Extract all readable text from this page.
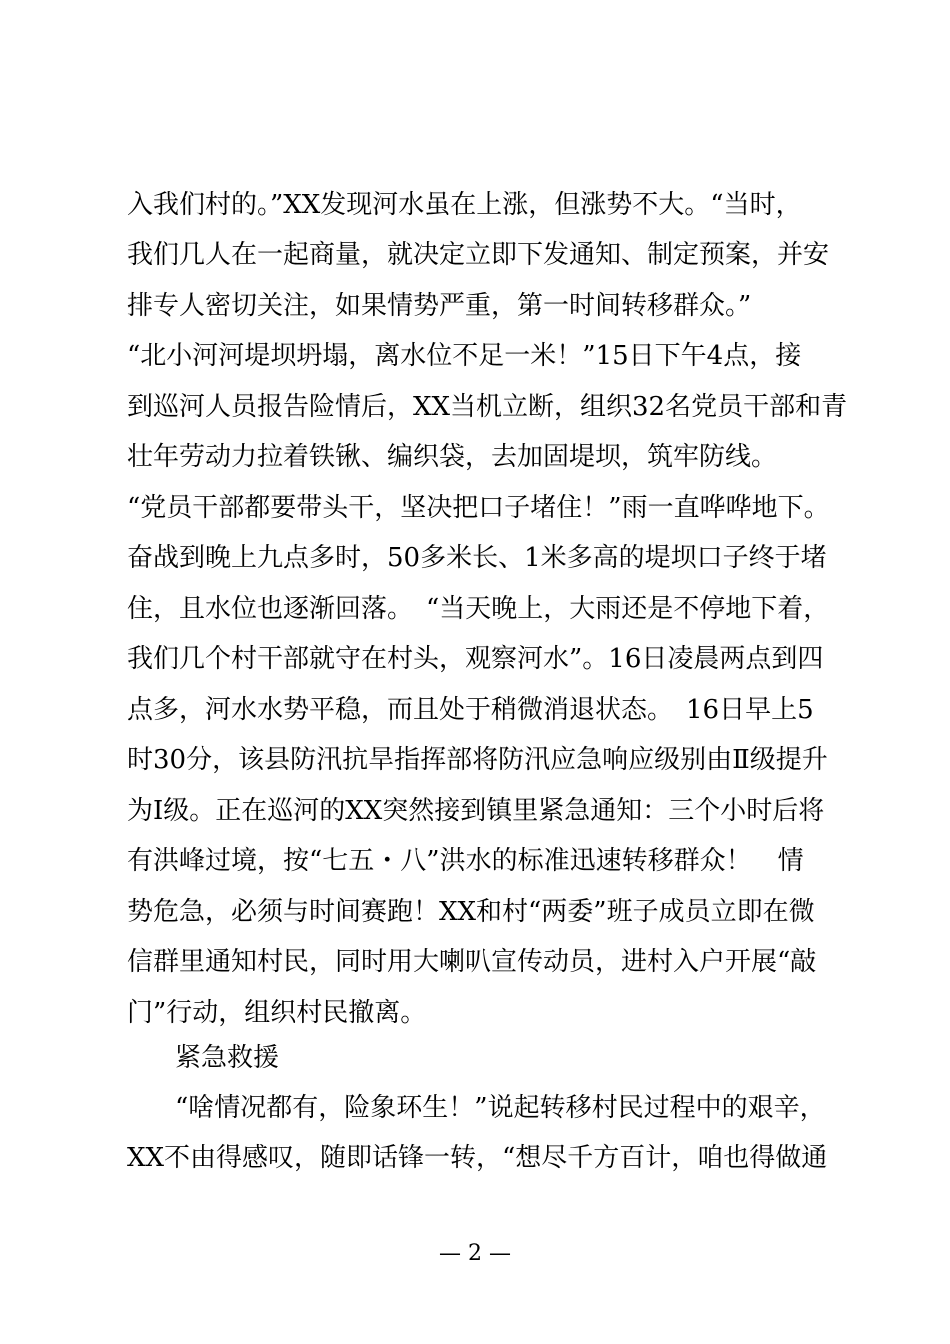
入我们村的。”XX发现河水虽在上涨，但涨势不大。“当时，
我们几人在一起商量，就决定立即下发通知、制定预案，并安
排专人密切关注，如果情势严重，第一时间转移群众。”
“北小河河堤坝坍塌，离水位不足一米！”15日下午4点，接
到巡河人员报告险情后，XX当机立断，组织32名党员干部和青
壮年劳动力拉着铁锹、编织袋，去加固堤坝，筑牢防线。
“党员干部都要带头干，坚决把口子堵住！”雨一直哗哗地下。
奋战到晚上九点多时，50多米长、1米多高的堤坝口子终于堵
住，且水位也逐渐回落。　“当天晚上，大雨还是不停地下着，
我们几个村干部就守在村头，观察河水”。16日凌晨两点到四
点多，河水水势平稳，而且处于稍微消退状态。　16日早上5
时30分，该县防汛抗旱指挥部将防汛应急响应级别由Ⅱ级提升
为Ⅰ级。正在巡河的XX突然接到镇里紧急通知：三个小时后将
有洪峰过境，按“七五・八”洪水的标准迅速转移群众！　情
势危急，必须与时间赛跑！XX和村“两委”班子成员立即在微
信群里通知村民，同时用大喇叭宣传动员，进村入户开展“敲
门”行动，组织村民撤离。
紧急救援
“啥情况都有，险象环生！”说起转移村民过程中的艰辛，
XX不由得感叹，随即话锋一转，“想尽千方百计，咱也得做通
— 2 —
